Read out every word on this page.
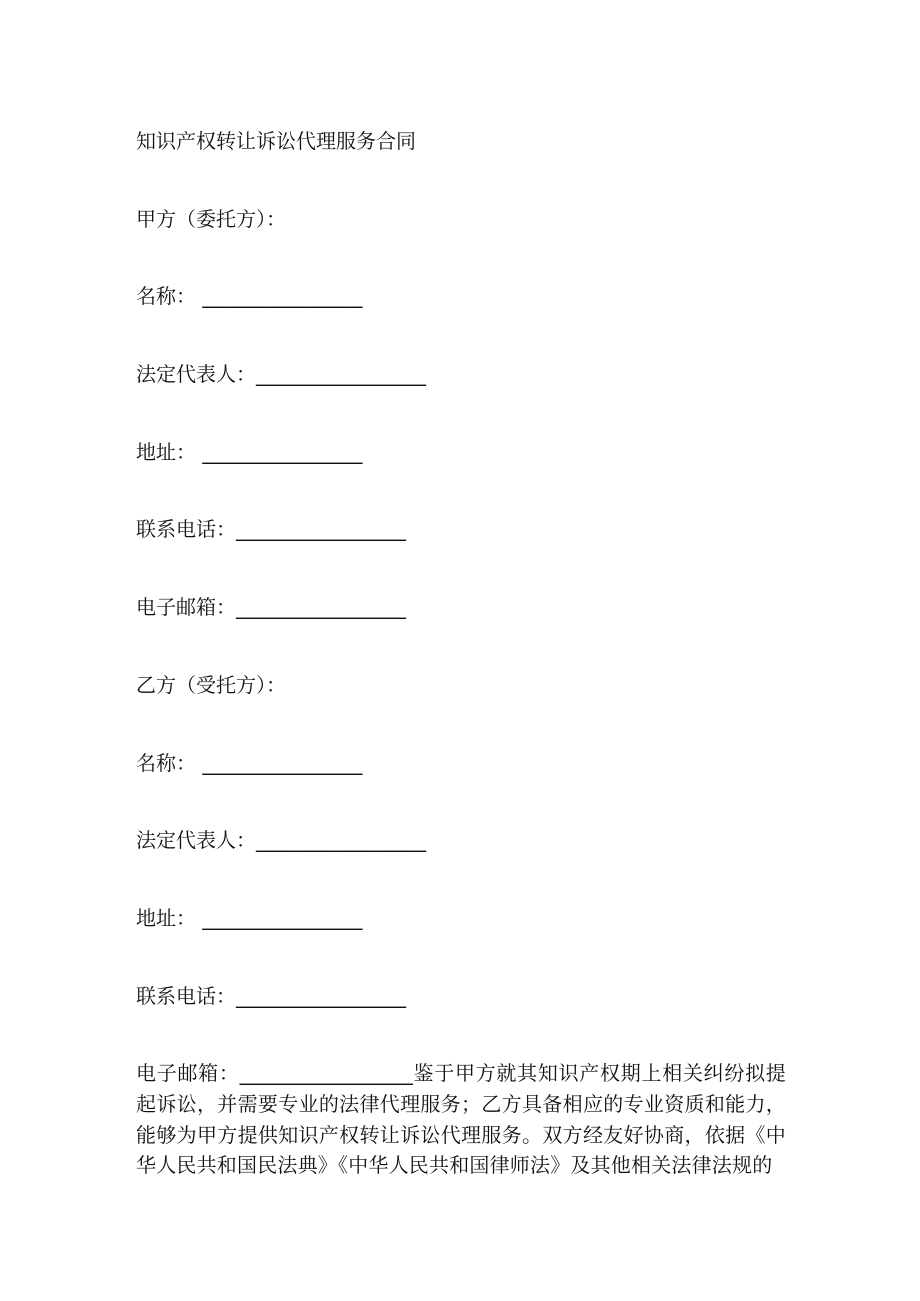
知识产权转让诉讼代理服务合同
甲方（委托方）：
名称： ________________
法定代表人：_________________
地址： ________________
联系电话：_________________
电子邮箱：_________________
乙方（受托方）：
名称： ________________
法定代表人：_________________
地址： ________________
联系电话：_________________

电子邮箱：_________________鉴于甲方就其知识产权期上相关纠纷拟提起诉讼，并需要专业的法律代理服务；乙方具备相应的专业资质和能力，能够为甲方提供知识产权转让诉讼代理服务。双方经友好协商，依据《中华人民共和国民法典》《中华人民共和国律师法》及其他相关法律法规的
